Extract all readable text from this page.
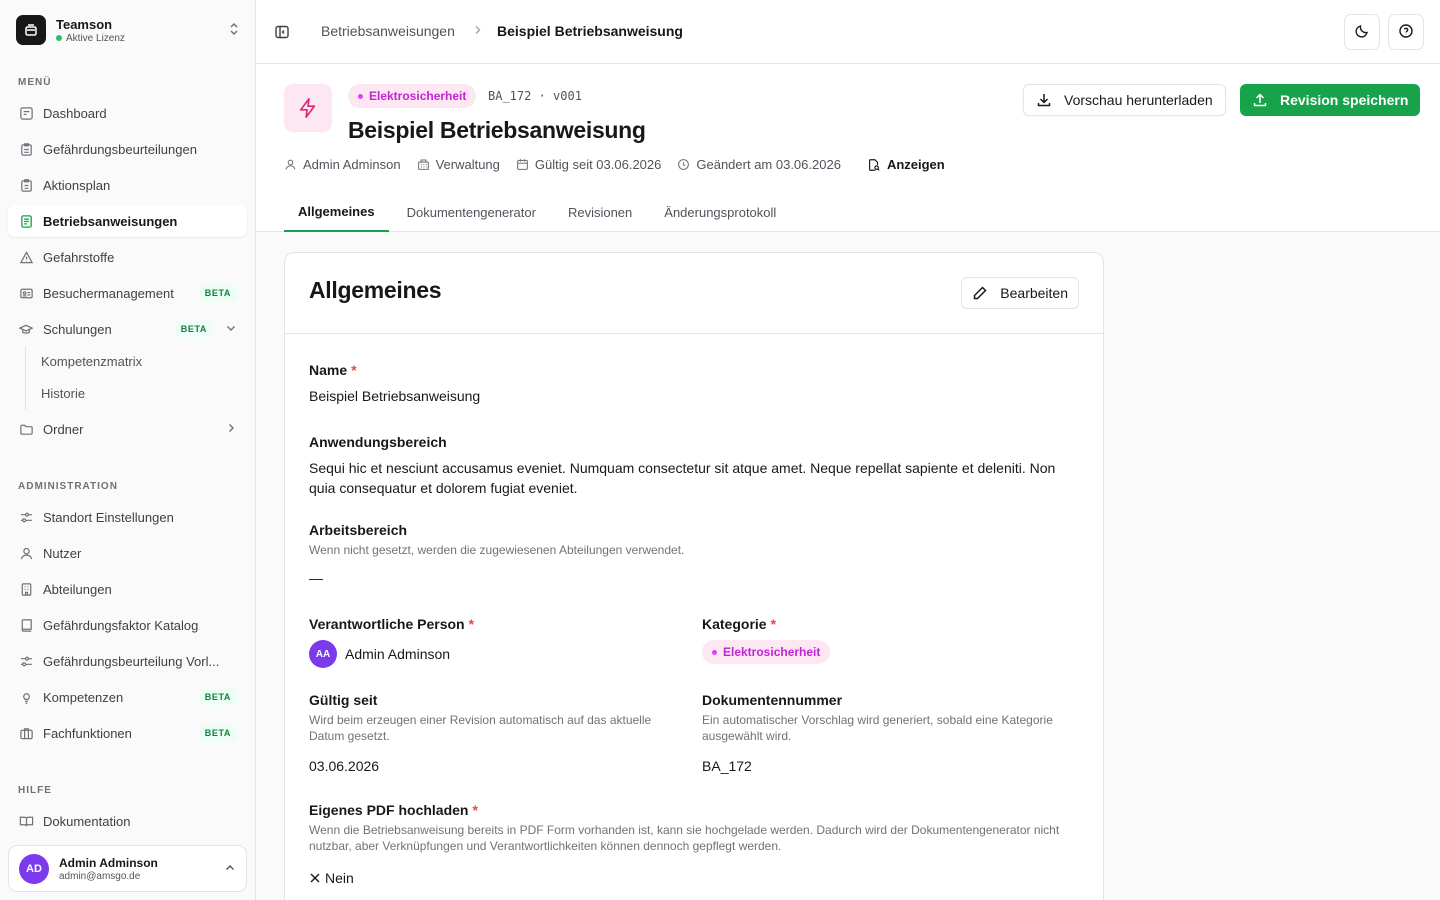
Teamson
Aktive Lizenz
MENÜ
Dashboard
Gefährdungsbeurteilungen
Aktionsplan
Betriebsanweisungen
Gefahrstoffe
Besuchermanagement	BETA
Schulungen	BETA
Kompetenzmatrix
Historie
Ordner
ADMINISTRATION
Standort Einstellungen
Nutzer
Abteilungen
Gefährdungsfaktor Katalog
Gefährdungsbeurteilung Vorl...
Kompetenzen	BETA
Fachfunktionen	BETA
HILFE
Dokumentation
AD	Admin Adminson
admin@amsgo.de
Betriebsanweisungen	Beispiel Betriebsanweisung
Elektrosicherheit BA_172 · v001
Beispiel Betriebsanweisung
Admin Adminson	Verwaltung	Gültig seit 03.06.2026	Geändert am 03.06.2026	Anzeigen
Vorschau herunterladen	Revision speichern
Allgemeines	Dokumentengenerator	Revisionen	Änderungsprotokoll
Allgemeines	Bearbeiten
Name *
Beispiel Betriebsanweisung
Anwendungsbereich
Sequi hic et nesciunt accusamus eveniet. Numquam consectetur sit atque amet. Neque repellat sapiente et deleniti. Non quia consequatur et dolorem fugiat eveniet.
Arbeitsbereich
Wenn nicht gesetzt, werden die zugewiesenen Abteilungen verwendet.
—
Verantwortliche Person *
AA	Admin Adminson
Kategorie *
Elektrosicherheit
Gültig seit
Wird beim erzeugen einer Revision automatisch auf das aktuelle Datum gesetzt.
03.06.2026
Dokumentennummer
Ein automatischer Vorschlag wird generiert, sobald eine Kategorie ausgewählt wird.
BA_172
Eigenes PDF hochladen *
Wenn die Betriebsanweisung bereits in PDF Form vorhanden ist, kann sie hochgelade werden. Dadurch wird der Dokumentengenerator nicht nutzbar, aber Verknüpfungen und Verantwortlichkeiten können dennoch gepflegt werden.
Nein
